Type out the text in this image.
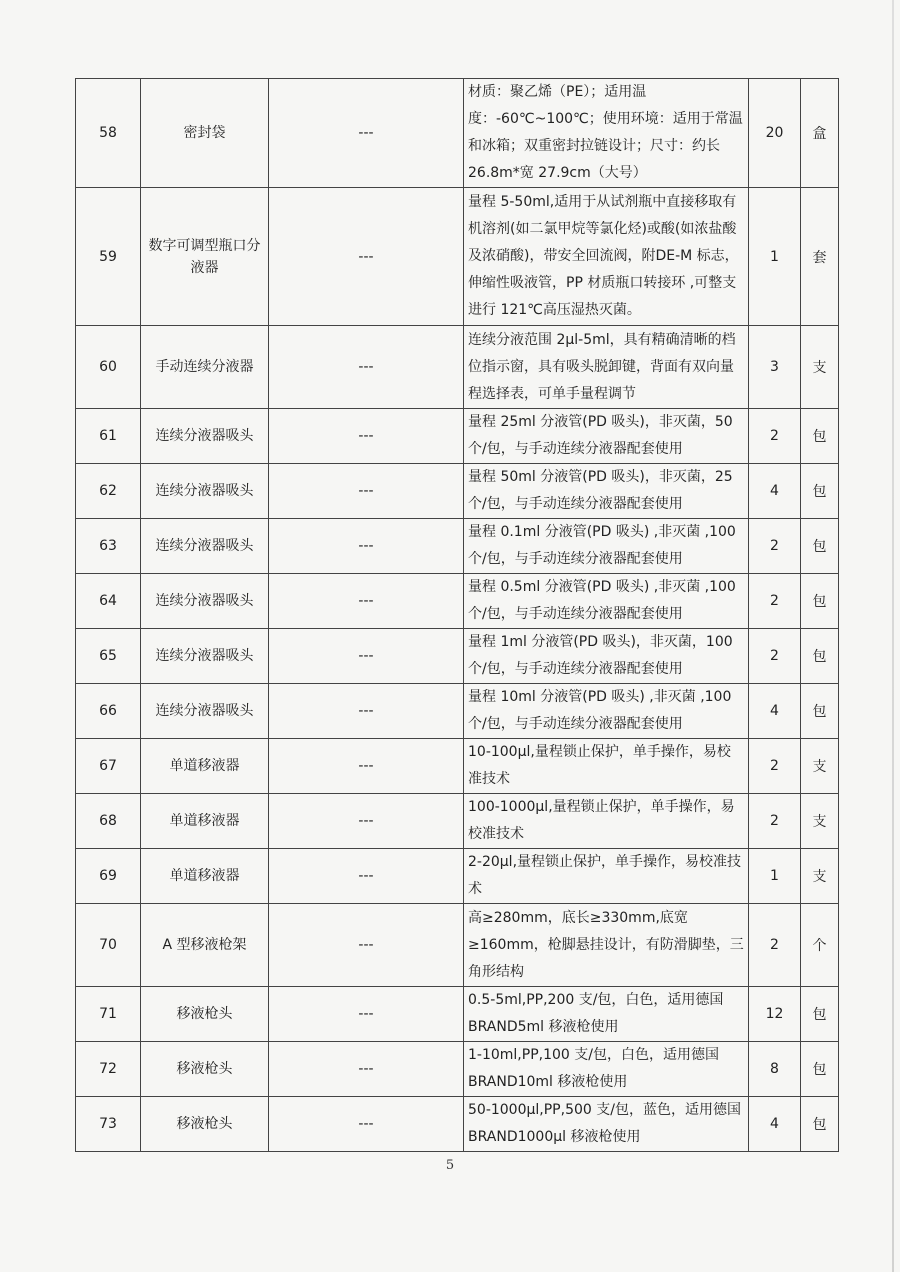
58	密封袋	---	材质：聚乙烯（PE）；适用温度：-60℃~100℃；使用环境：适用于常温和冰箱；双重密封拉链设计；尺寸：约长26.8m*宽 27.9cm（大号）	20	盒
59	数字可调型瓶口分液器	---	量程 5-50ml,适用于从试剂瓶中直接移取有机溶剂(如二氯甲烷等氯化烃)或酸(如浓盐酸及浓硝酸)，带安全回流阀，附DE-M 标志，伸缩性吸液管，PP 材质瓶口转接环 ,可整支进行 121℃高压湿热灭菌。	1	套
60	手动连续分液器	---	连续分液范围 2μl-5ml，具有精确清晰的档位指示窗，具有吸头脱卸键，背面有双向量程选择表，可单手量程调节	3	支
61	连续分液器吸头	---	量程 25ml 分液管(PD 吸头)，非灭菌，50个/包，与手动连续分液器配套使用	2	包
62	连续分液器吸头	---	量程 50ml 分液管(PD 吸头)，非灭菌，25个/包，与手动连续分液器配套使用	4	包
63	连续分液器吸头	---	量程 0.1ml 分液管(PD 吸头) ,非灭菌 ,100个/包，与手动连续分液器配套使用	2	包
64	连续分液器吸头	---	量程 0.5ml 分液管(PD 吸头) ,非灭菌 ,100个/包，与手动连续分液器配套使用	2	包
65	连续分液器吸头	---	量程 1ml 分液管(PD 吸头)，非灭菌，100个/包，与手动连续分液器配套使用	2	包
66	连续分液器吸头	---	量程 10ml 分液管(PD 吸头) ,非灭菌 ,100个/包，与手动连续分液器配套使用	4	包
67	单道移液器	---	10-100μl,量程锁止保护，单手操作，易校准技术	2	支
68	单道移液器	---	100-1000μl,量程锁止保护，单手操作，易校准技术	2	支
69	单道移液器	---	2-20μl,量程锁止保护，单手操作，易校准技术	1	支
70	A 型移液枪架	---	高≥280mm，底长≥330mm,底宽≥160mm，枪脚悬挂设计，有防滑脚垫，三角形结构	2	个
71	移液枪头	---	0.5-5ml,PP,200 支/包，白色，适用德国BRAND5ml 移液枪使用	12	包
72	移液枪头	---	1-10ml,PP,100 支/包，白色，适用德国BRAND10ml 移液枪使用	8	包
73	移液枪头	---	50-1000μl,PP,500 支/包，蓝色，适用德国 BRAND1000μl 移液枪使用	4	包
5
